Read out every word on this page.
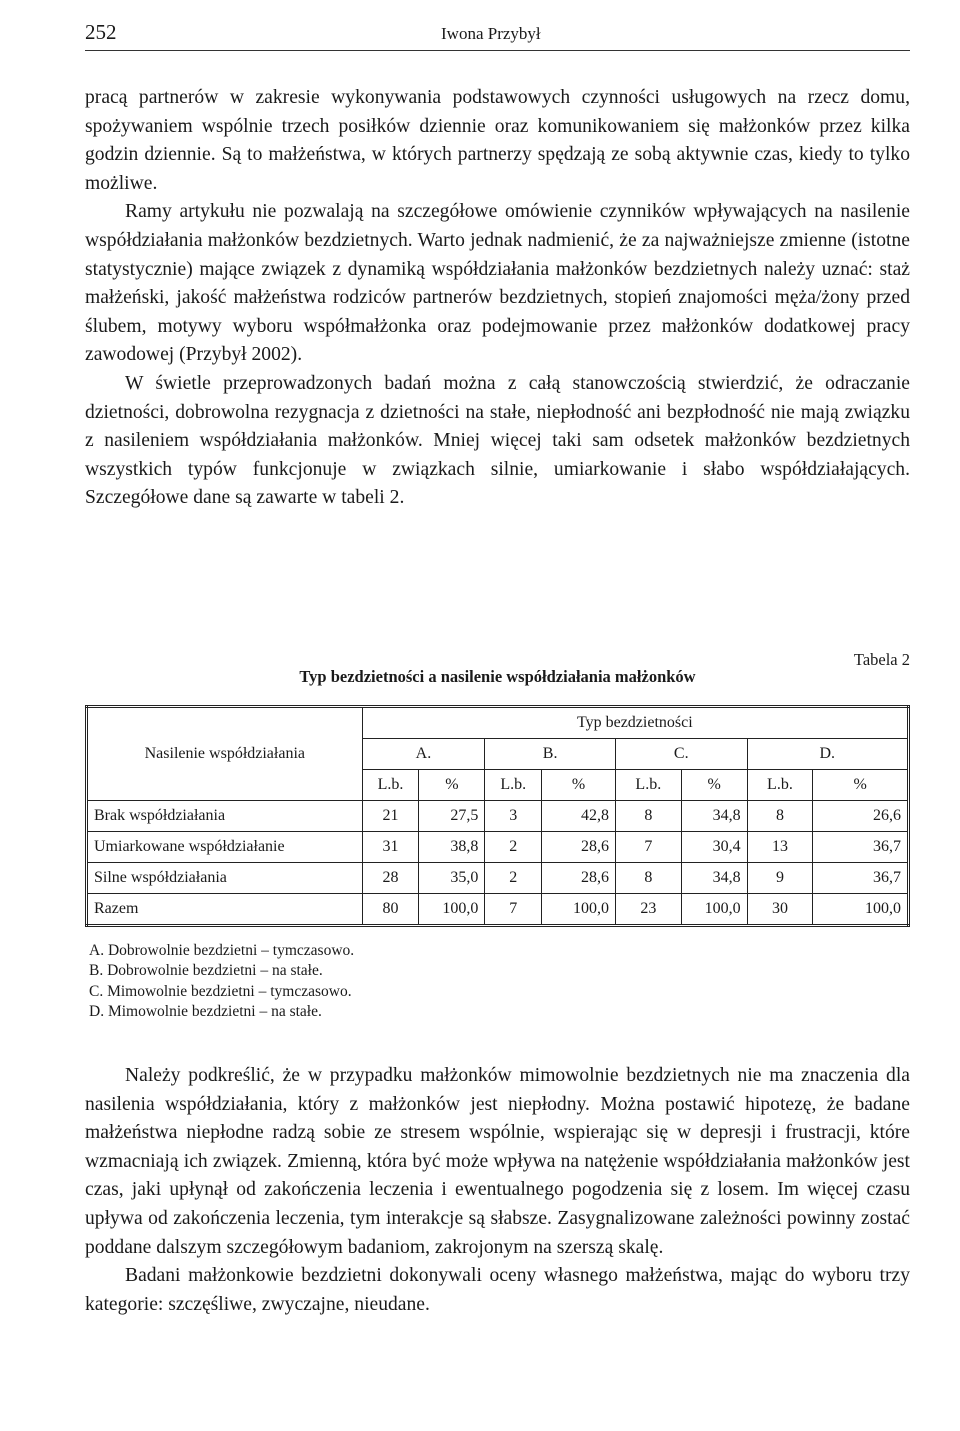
252	Iwona Przybył

pracą partnerów w zakresie wykonywania podstawowych czynności usługowych na rzecz domu, spożywaniem wspólnie trzech posiłków dziennie oraz komunikowaniem się małżonków przez kilka godzin dziennie. Są to małżeństwa, w których partnerzy spędzają ze sobą aktywnie czas, kiedy to tylko możliwe.

Ramy artykułu nie pozwalają na szczegółowe omówienie czynników wpływających na nasilenie współdziałania małżonków bezdzietnych. Warto jednak nadmienić, że za najważniejsze zmienne (istotne statystycznie) mające związek z dynamiką współdziałania małżonków bezdzietnych należy uznać: staż małżeński, jakość małżeństwa rodziców partnerów bezdzietnych, stopień znajomości męża/żony przed ślubem, motywy wyboru współmałżonka oraz podejmowanie przez małżonków dodatkowej pracy zawodowej (Przybył 2002).

W świetle przeprowadzonych badań można z całą stanowczością stwierdzić, że odraczanie dzietności, dobrowolna rezygnacja z dzietności na stałe, niepłodność ani bezpłodność nie mają związku z nasileniem współdziałania małżonków. Mniej więcej taki sam odsetek małżonków bezdzietnych wszystkich typów funkcjonuje w związkach silnie, umiarkowanie i słabo współdziałających. Szczegółowe dane są zawarte w tabeli 2.

Tabela 2
Typ bezdzietności a nasilenie współdziałania małżonków
Nasilenie współdziałania	Typ bezdzietności							
	A.		B.		C.		D.	
	L.b.	%	L.b.	%	L.b.	%	L.b.	%
Brak współdziałania	21	27,5	3	42,8	8	34,8	8	26,6
Umiarkowane współdziałanie	31	38,8	2	28,6	7	30,4	13	36,7
Silne współdziałania	28	35,0	2	28,6	8	34,8	9	36,7
Razem	80	100,0	7	100,0	23	100,0	30	100,0
A. Dobrowolnie bezdzietni – tymczasowo.
B. Dobrowolnie bezdzietni – na stałe.
C. Mimowolnie bezdzietni – tymczasowo.
D. Mimowolnie bezdzietni – na stałe.

Należy podkreślić, że w przypadku małżonków mimowolnie bezdzietnych nie ma znaczenia dla nasilenia współdziałania, który z małżonków jest niepłodny. Można postawić hipotezę, że badane małżeństwa niepłodne radzą sobie ze stresem wspólnie, wspierając się w depresji i frustracji, które wzmacniają ich związek. Zmienną, która być może wpływa na natężenie współdziałania małżonków jest czas, jaki upłynął od zakończenia leczenia i ewentualnego pogodzenia się z losem. Im więcej czasu upływa od zakończenia leczenia, tym interakcje są słabsze. Zasygnalizowane zależności powinny zostać poddane dalszym szczegółowym badaniom, zakrojonym na szerszą skalę.

Badani małżonkowie bezdzietni dokonywali oceny własnego małżeństwa, mając do wyboru trzy kategorie: szczęśliwe, zwyczajne, nieudane.
